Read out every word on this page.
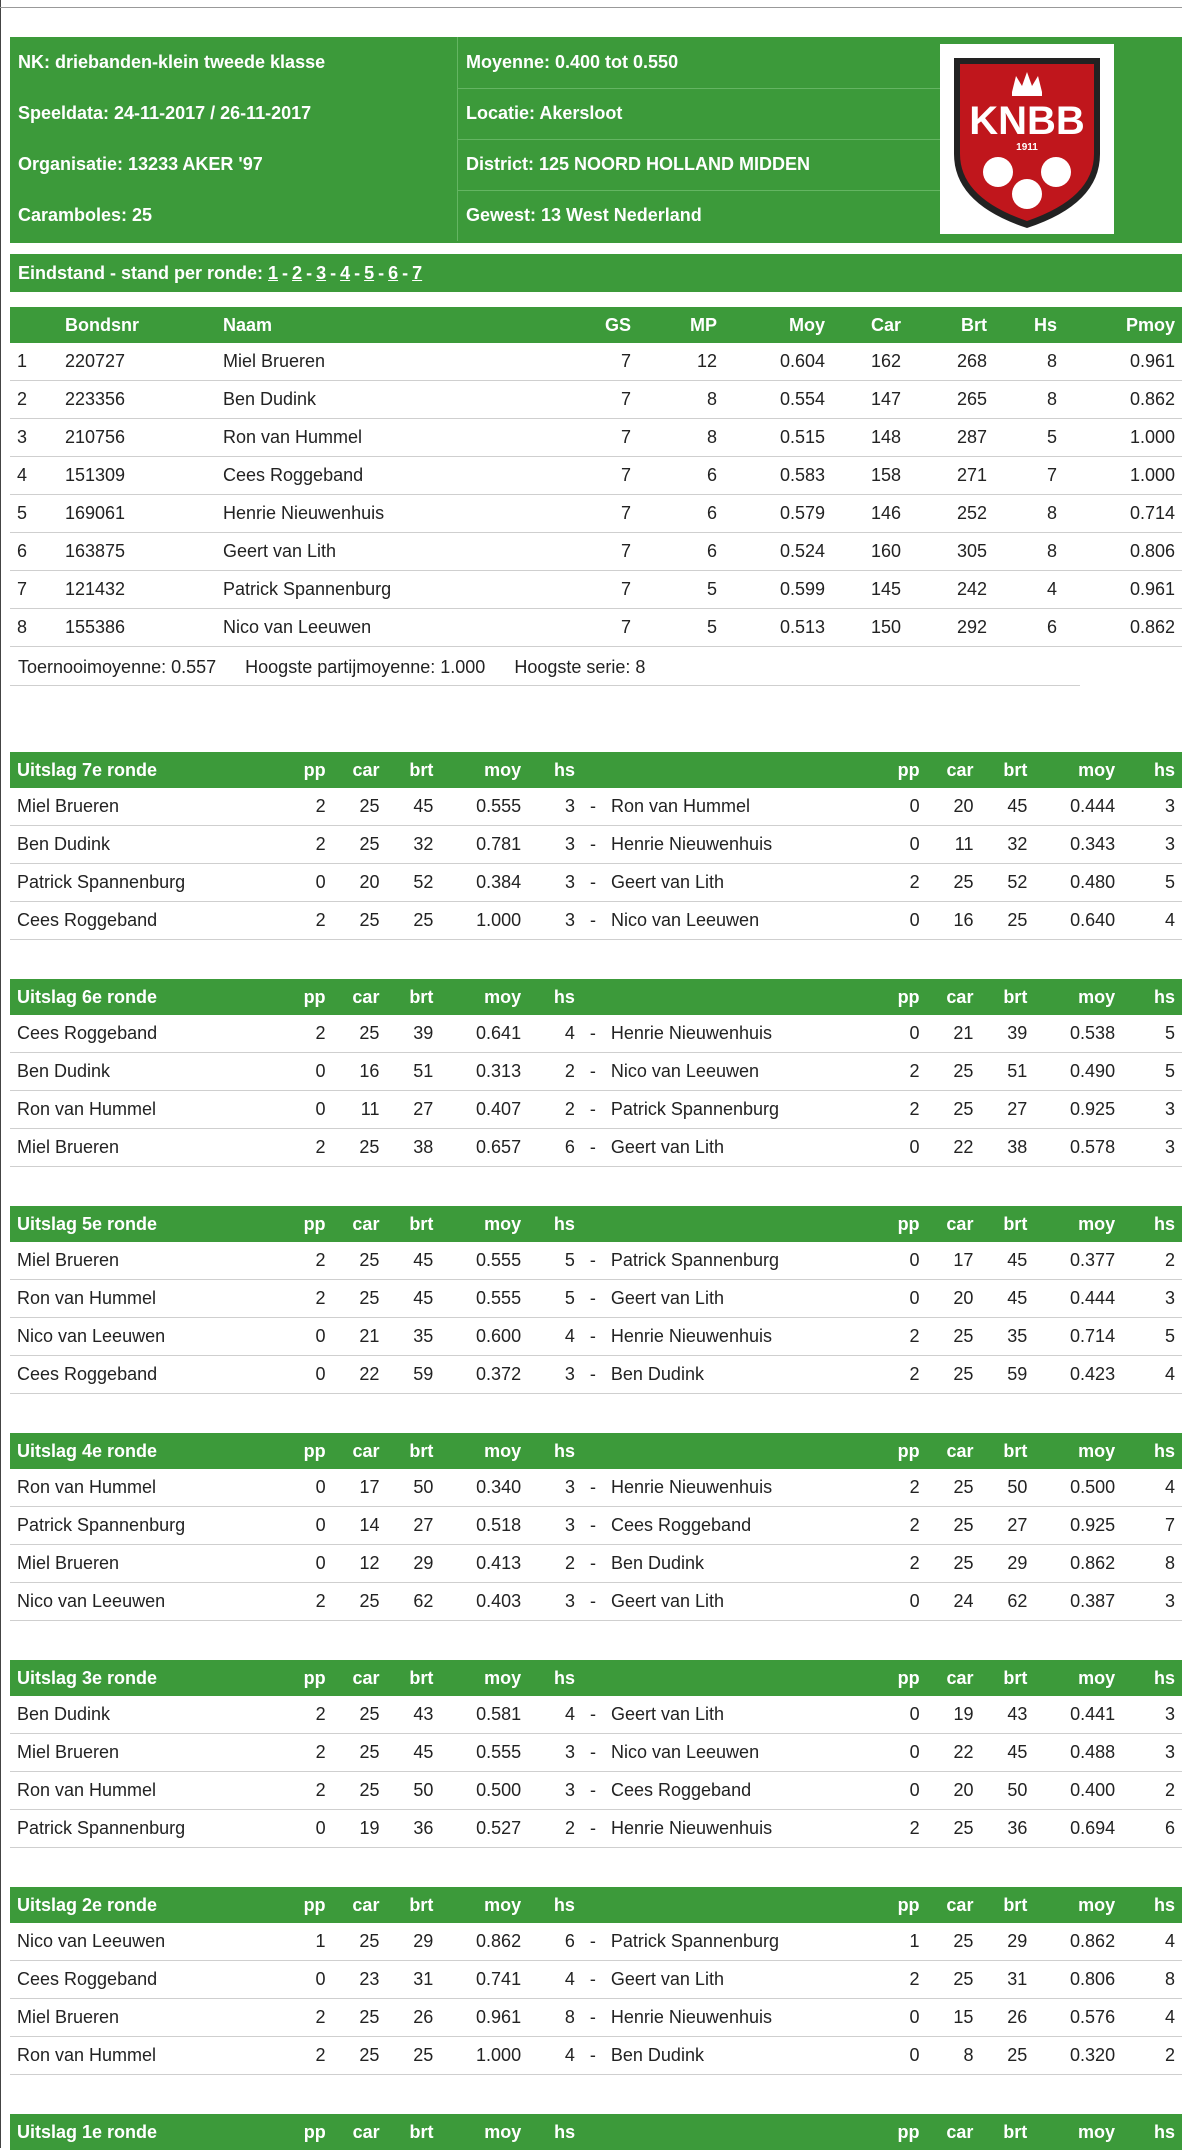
NK: driebanden-klein tweede klasse	Moyenne: 0.400 tot 0.550
Speeldata: 24-11-2017 / 26-11-2017	Locatie: Akersloot
Organisatie: 13233 AKER '97	District: 125 NOORD HOLLAND MIDDEN
Caramboles: 25	Gewest: 13 West Nederland
KNBB
1911
Eindstand - stand per ronde: 1 - 2 - 3 - 4 - 5 - 6 - 7
	Bondsnr	Naam	GS	MP	Moy	Car	Brt	Hs	Pmoy
1	220727	Miel Brueren	7	12	0.604	162	268	8	0.961
2	223356	Ben Dudink	7	8	0.554	147	265	8	0.862
3	210756	Ron van Hummel	7	8	0.515	148	287	5	1.000
4	151309	Cees Roggeband	7	6	0.583	158	271	7	1.000
5	169061	Henrie Nieuwenhuis	7	6	0.579	146	252	8	0.714
6	163875	Geert van Lith	7	6	0.524	160	305	8	0.806
7	121432	Patrick Spannenburg	7	5	0.599	145	242	4	0.961
8	155386	Nico van Leeuwen	7	5	0.513	150	292	6	0.862
Toernooimoyenne: 0.557 Hoogste partijmoyenne: 1.000 Hoogste serie: 8
Uitslag 7e ronde	pp	car	brt	moy	hs			pp	car	brt	moy	hs
Miel Brueren	2	25	45	0.555	3	-	Ron van Hummel	0	20	45	0.444	3
Ben Dudink	2	25	32	0.781	3	-	Henrie Nieuwenhuis	0	11	32	0.343	3
Patrick Spannenburg	0	20	52	0.384	3	-	Geert van Lith	2	25	52	0.480	5
Cees Roggeband	2	25	25	1.000	3	-	Nico van Leeuwen	0	16	25	0.640	4
Uitslag 6e ronde	pp	car	brt	moy	hs			pp	car	brt	moy	hs
Cees Roggeband	2	25	39	0.641	4	-	Henrie Nieuwenhuis	0	21	39	0.538	5
Ben Dudink	0	16	51	0.313	2	-	Nico van Leeuwen	2	25	51	0.490	5
Ron van Hummel	0	11	27	0.407	2	-	Patrick Spannenburg	2	25	27	0.925	3
Miel Brueren	2	25	38	0.657	6	-	Geert van Lith	0	22	38	0.578	3
Uitslag 5e ronde	pp	car	brt	moy	hs			pp	car	brt	moy	hs
Miel Brueren	2	25	45	0.555	5	-	Patrick Spannenburg	0	17	45	0.377	2
Ron van Hummel	2	25	45	0.555	5	-	Geert van Lith	0	20	45	0.444	3
Nico van Leeuwen	0	21	35	0.600	4	-	Henrie Nieuwenhuis	2	25	35	0.714	5
Cees Roggeband	0	22	59	0.372	3	-	Ben Dudink	2	25	59	0.423	4
Uitslag 4e ronde	pp	car	brt	moy	hs			pp	car	brt	moy	hs
Ron van Hummel	0	17	50	0.340	3	-	Henrie Nieuwenhuis	2	25	50	0.500	4
Patrick Spannenburg	0	14	27	0.518	3	-	Cees Roggeband	2	25	27	0.925	7
Miel Brueren	0	12	29	0.413	2	-	Ben Dudink	2	25	29	0.862	8
Nico van Leeuwen	2	25	62	0.403	3	-	Geert van Lith	0	24	62	0.387	3
Uitslag 3e ronde	pp	car	brt	moy	hs			pp	car	brt	moy	hs
Ben Dudink	2	25	43	0.581	4	-	Geert van Lith	0	19	43	0.441	3
Miel Brueren	2	25	45	0.555	3	-	Nico van Leeuwen	0	22	45	0.488	3
Ron van Hummel	2	25	50	0.500	3	-	Cees Roggeband	0	20	50	0.400	2
Patrick Spannenburg	0	19	36	0.527	2	-	Henrie Nieuwenhuis	2	25	36	0.694	6
Uitslag 2e ronde	pp	car	brt	moy	hs			pp	car	brt	moy	hs
Nico van Leeuwen	1	25	29	0.862	6	-	Patrick Spannenburg	1	25	29	0.862	4
Cees Roggeband	0	23	31	0.741	4	-	Geert van Lith	2	25	31	0.806	8
Miel Brueren	2	25	26	0.961	8	-	Henrie Nieuwenhuis	0	15	26	0.576	4
Ron van Hummel	2	25	25	1.000	4	-	Ben Dudink	0	8	25	0.320	2
Uitslag 1e ronde	pp	car	brt	moy	hs			pp	car	brt	moy	hs
